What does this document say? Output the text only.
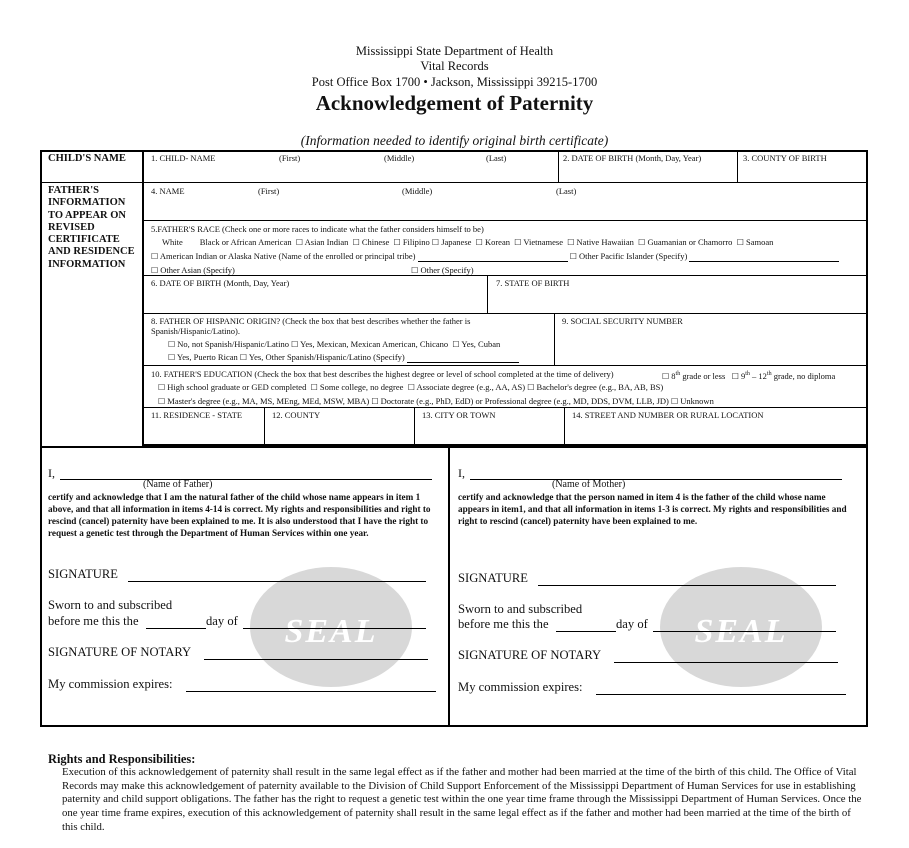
Mississippi State Department of Health
Vital Records
Post Office Box 1700 • Jackson, Mississippi 39215-1700
Acknowledgement of Paternity
(Information needed to identify original birth certificate)
CHILD'S NAME
FATHER'S INFORMATION TO APPEAR ON REVISED CERTIFICATE AND RESIDENCE INFORMATION
1. CHILD- NAME	(First)	(Middle)	(Last)	2. DATE OF BIRTH (Month, Day, Year)	3. COUNTY OF BIRTH
4. NAME	(First)	(Middle)	(Last)
5.FATHER'S RACE (Check one or more races to indicate what the father considers himself to be)
White Black or African American ☐ Asian Indian ☐ Chinese ☐ Filipino ☐ Japanese ☐ Korean ☐ Vietnamese ☐ Native Hawaiian ☐ Guamanian or Chamorro ☐ Samoan
☐ American Indian or Alaska Native (Name of the enrolled or principal tribe)	☐ Other Pacific Islander (Specify)
☐ Other Asian (Specify)	☐ Other (Specify)
6. DATE OF BIRTH (Month, Day, Year)	7. STATE OF BIRTH
8. FATHER OF HISPANIC ORIGIN? (Check the box that best describes whether the father is
Spanish/Hispanic/Latino).
☐ No, not Spanish/Hispanic/Latino ☐ Yes, Mexican, Mexican American, Chicano ☐ Yes, Cuban
☐ Yes, Puerto Rican ☐ Yes, Other Spanish/Hispanic/Latino (Specify)
9. SOCIAL SECURITY NUMBER
10. FATHER'S EDUCATION (Check the box that best describes the highest degree or level of school completed at the time of delivery)	☐ 8th grade or less ☐ 9th – 12th grade, no diploma
☐ High school graduate or GED completed ☐ Some college, no degree ☐ Associate degree (e.g., AA, AS) ☐ Bachelor's degree (e.g., BA, AB, BS)
☐ Master's degree (e.g., MA, MS, MEng, MEd, MSW, MBA) ☐ Doctorate (e.g., PhD, EdD) or Professional degree (e.g., MD, DDS, DVM, LLB, JD) ☐ Unknown
11. RESIDENCE - STATE	12. COUNTY	13. CITY OR TOWN	14. STREET AND NUMBER OR RURAL LOCATION
I,
(Name of Father)
certify and acknowledge that I am the natural father of the child whose name appears in item 1 above, and that all information in items 4-14 is correct. My rights and responsibilities and right to rescind (cancel) paternity have been explained to me. It is also understood that I have the right to request a genetic test through the Department of Human Services within one year.
SEAL
SIGNATURE
Sworn to and subscribed
before me this the	day of
SIGNATURE OF NOTARY
My commission expires:
I,
(Name of Mother)
certify and acknowledge that the person named in item 4 is the father of the child whose name appears in item1, and that all information in items 1-3 is correct. My rights and responsibilities and right to rescind (cancel) paternity have been explained to me.
SEAL
SIGNATURE
Sworn to and subscribed
before me this the	day of
SIGNATURE OF NOTARY
My commission expires:
Rights and Responsibilities:
Execution of this acknowledgement of paternity shall result in the same legal effect as if the father and mother had been married at the time of the birth of this child. The Office of Vital Records may make this acknowledgement of paternity available to the Division of Child Support Enforcement of the Mississippi Department of Human Services for use in establishing paternity and child support obligations. The father has the right to request a genetic test within the one year time frame through the Mississippi Department of Human Services. Once the one year time frame expires, execution of this acknowledgement of paternity shall result in the same legal effect as if the father and mother had been married at the time of the birth of this child.
